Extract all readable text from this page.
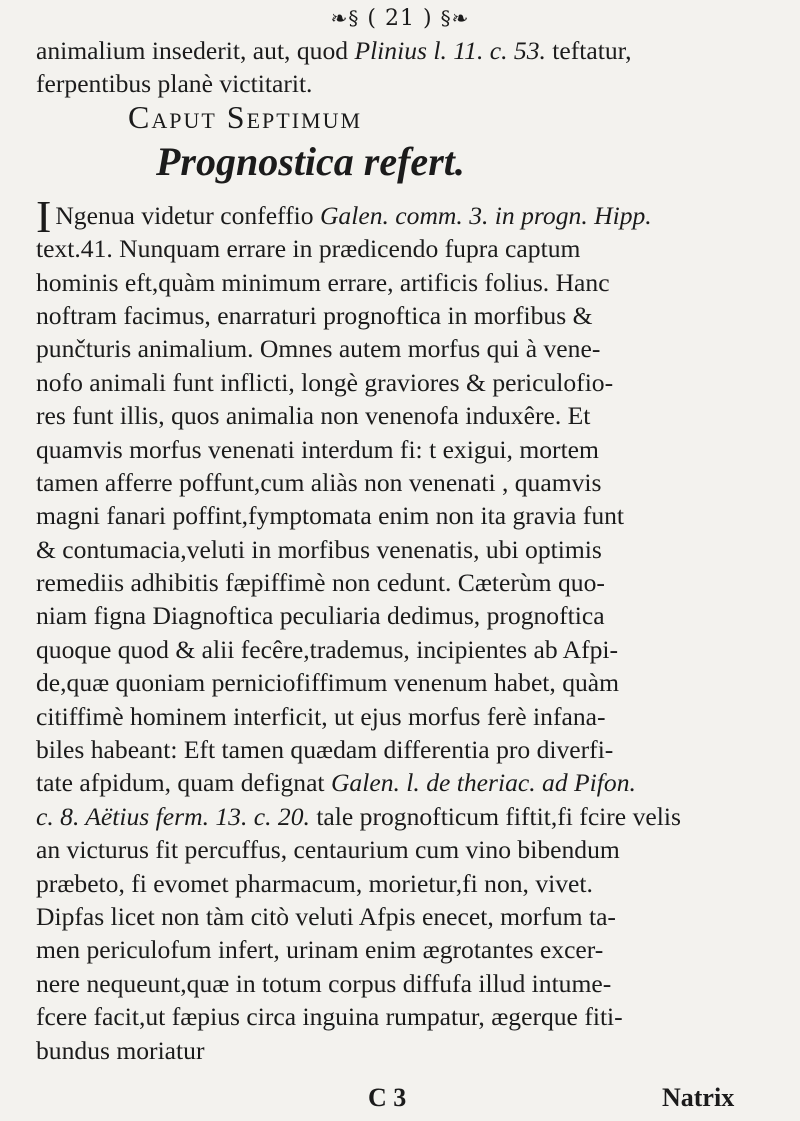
❧§ ( 21 ) §❧
animalium insederit, aut, quod Plinius l. 11. c. 53. teftatur,
ferpentibus planè victitarit.
Caput Septimum
Prognostica refert.
I Ngenua videtur confeffio Galen. comm. 3. in progn. Hipp.
text.41. Nunquam errare in prædicendo fupra captum
hominis eft,quàm minimum errare, artificis folius. Hanc
noftram facimus, enarraturi prognoftica in morfibus &
punčturis animalium. Omnes autem morfus qui à vene-
nofo animali funt inflicti, longè graviores & periculofio-
res funt illis, quos animalia non venenofa induxêre. Et
quamvis morfus venenati interdum fi: t exigui, mortem
tamen afferre poffunt,cum aliàs non venenati , quamvis
magni fanari poffint,fymptomata enim non ita gravia funt
& contumacia,veluti in morfibus venenatis, ubi optimis
remediis adhibitis fæpiffimè non cedunt. Cæterùm quo-
niam figna Diagnoftica peculiaria dedimus, prognoftica
quoque quod & alii fecêre,trademus, incipientes ab Afpi-
de,quæ quoniam perniciofiffimum venenum habet, quàm
citiffimè hominem interficit, ut ejus morfus ferè infana-
biles habeant: Eft tamen quædam differentia pro diverfi-
tate afpidum, quam defignat Galen. l. de theriac. ad Pifon.
c. 8. Aëtius ferm. 13. c. 20. tale prognofticum fiftit,fi fcire velis
an victurus fit percuffus, centaurium cum vino bibendum
præbeto, fi evomet pharmacum, morietur,fi non, vivet.
Dipfas licet non tàm citò veluti Afpis enecet, morfum ta-
men periculofum infert, urinam enim ægrotantes excer-
nere nequeunt,quæ in totum corpus diffufa illud intume-
fcere facit,ut fæpius circa inguina rumpatur, ægerque fiti-
bundus moriatur
C 3	Natrix
